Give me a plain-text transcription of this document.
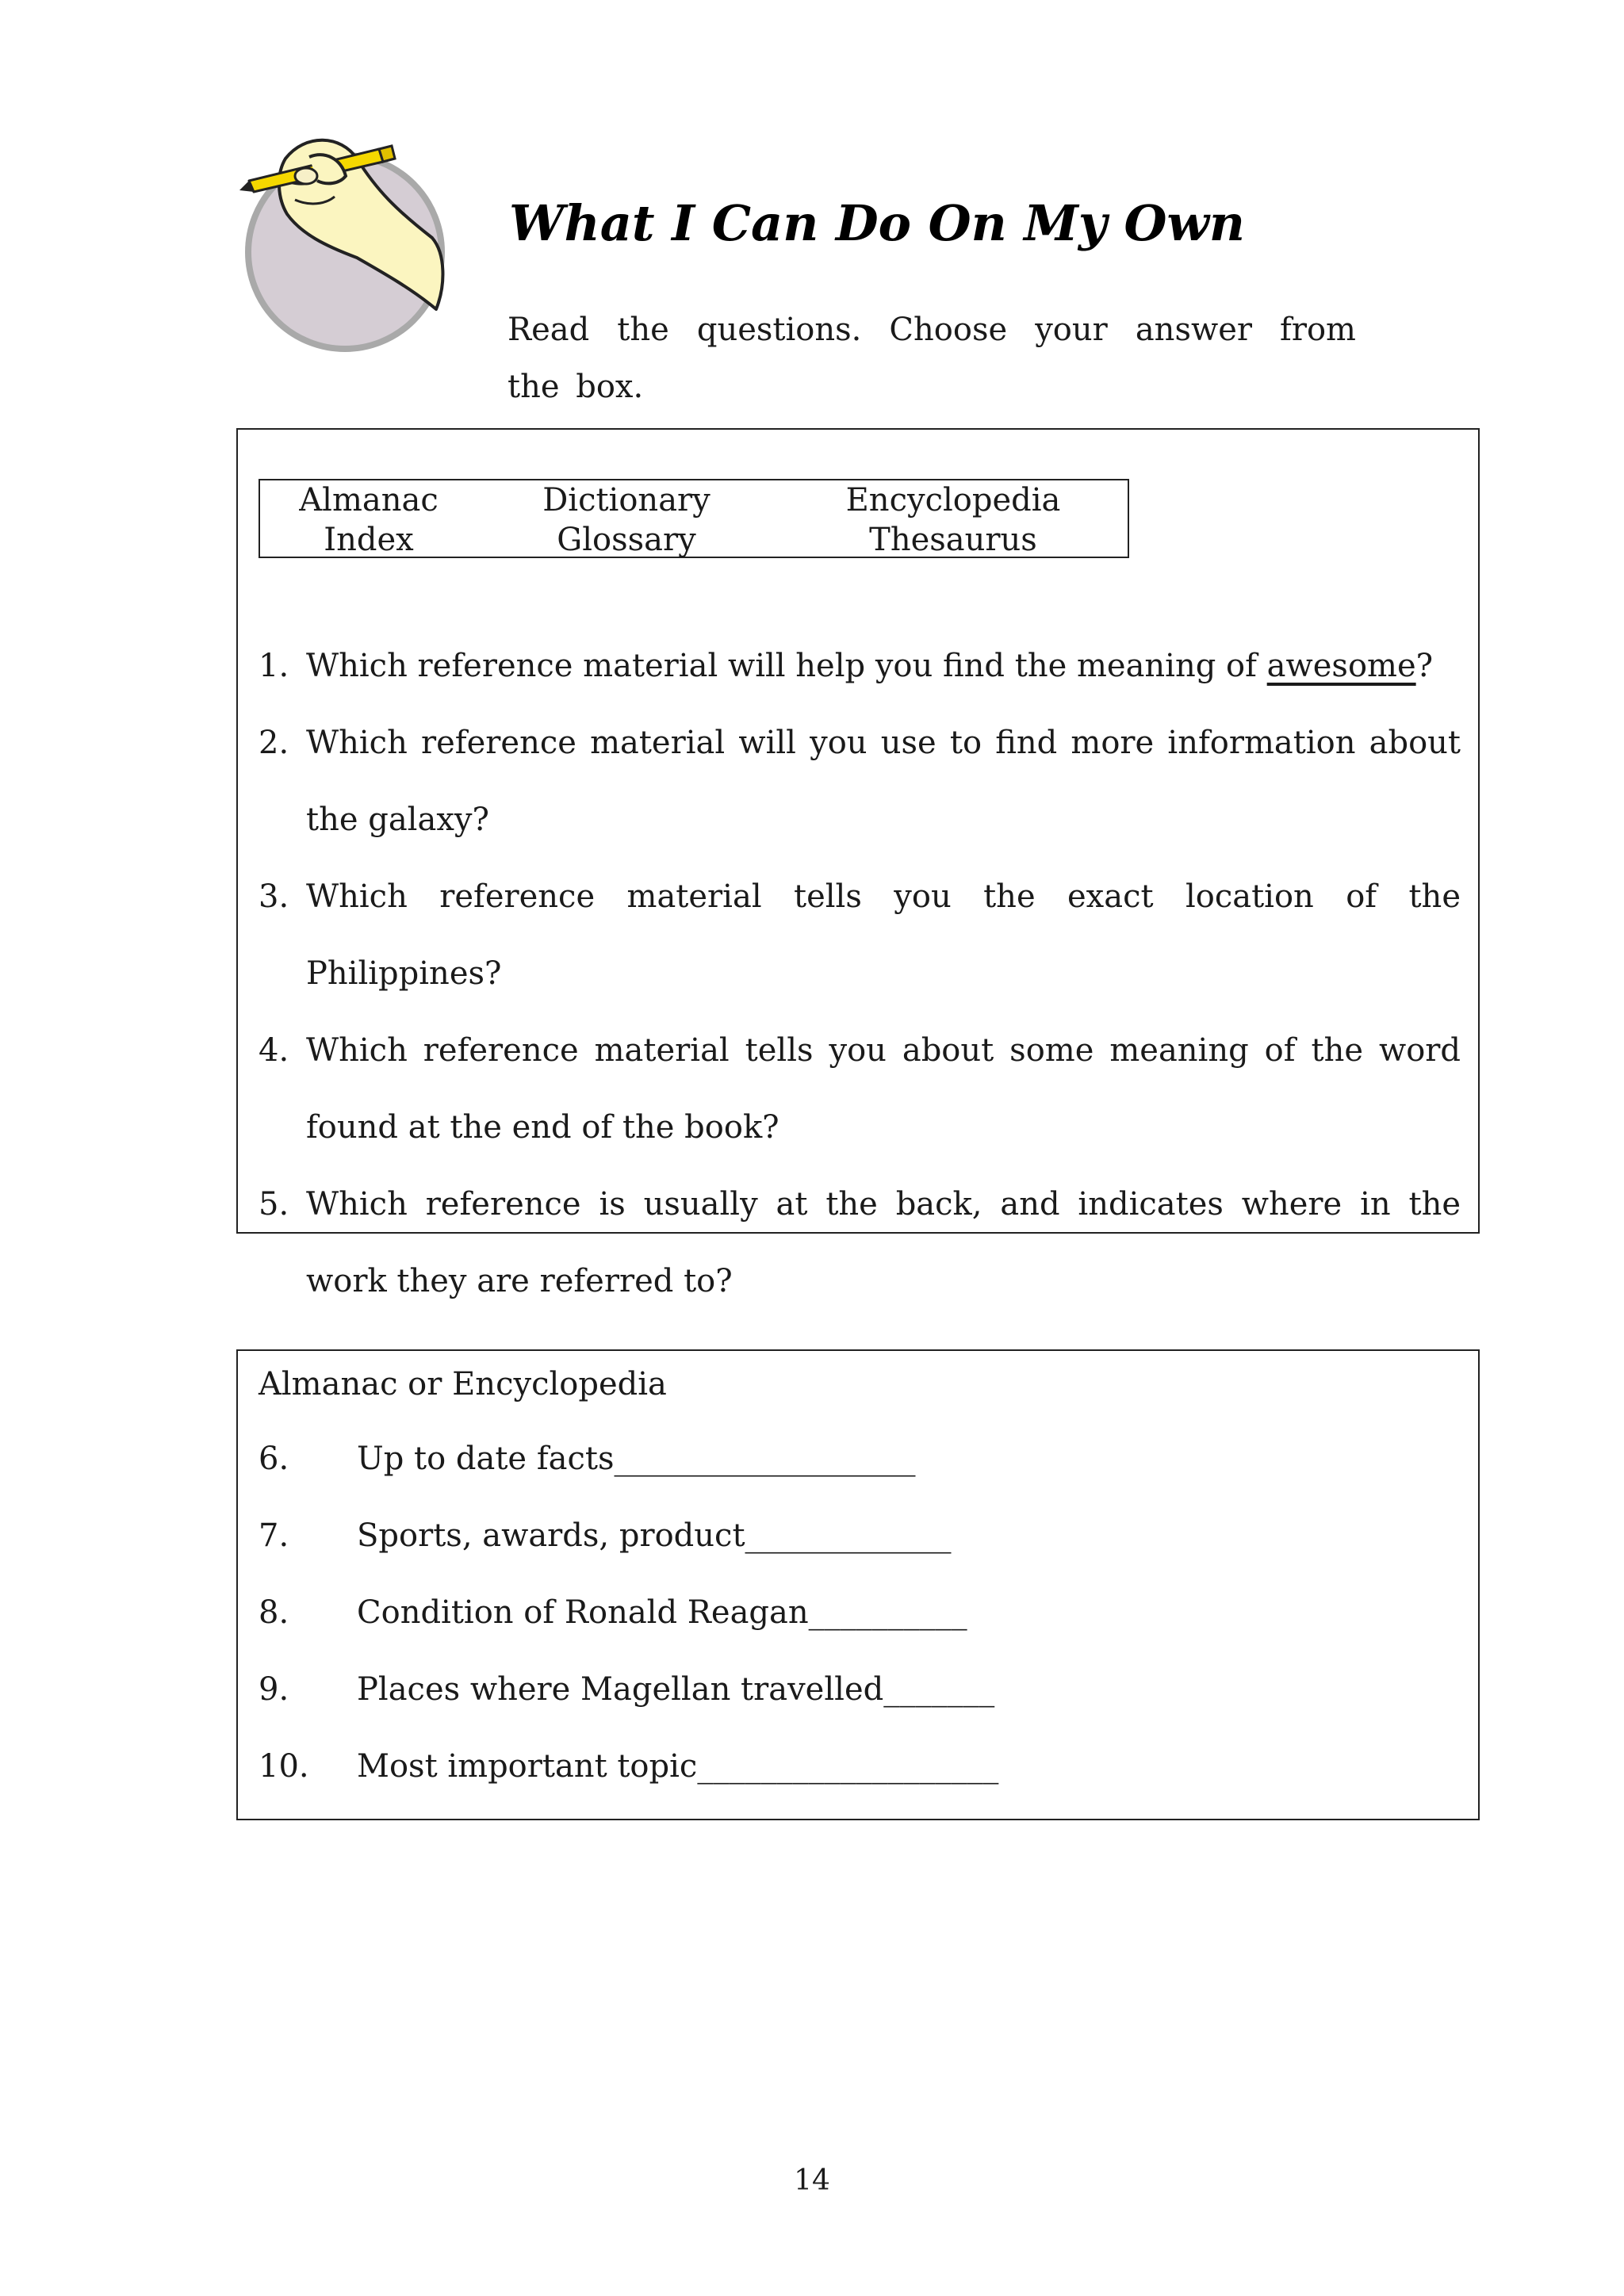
What I Can Do On My Own

Read the questions. Choose your answer from the box.

Almanac	Dictionary	Encyclopedia
Index	Glossary	Thesaurus
1. Which reference material will help you find the meaning of awesome?
2. Which reference material will you use to find more information about the galaxy?
3. Which reference material tells you the exact location of the Philippines?
4. Which reference material tells you about some meaning of the word found at the end of the book?
5. Which reference is usually at the back, and indicates where in the work they are referred to?
Almanac or Encyclopedia
6.	Up to date facts___________________
7.	Sports, awards, product_____________
8.	Condition of Ronald Reagan__________
9.	Places where Magellan travelled_______
10.	Most important topic___________________
14
